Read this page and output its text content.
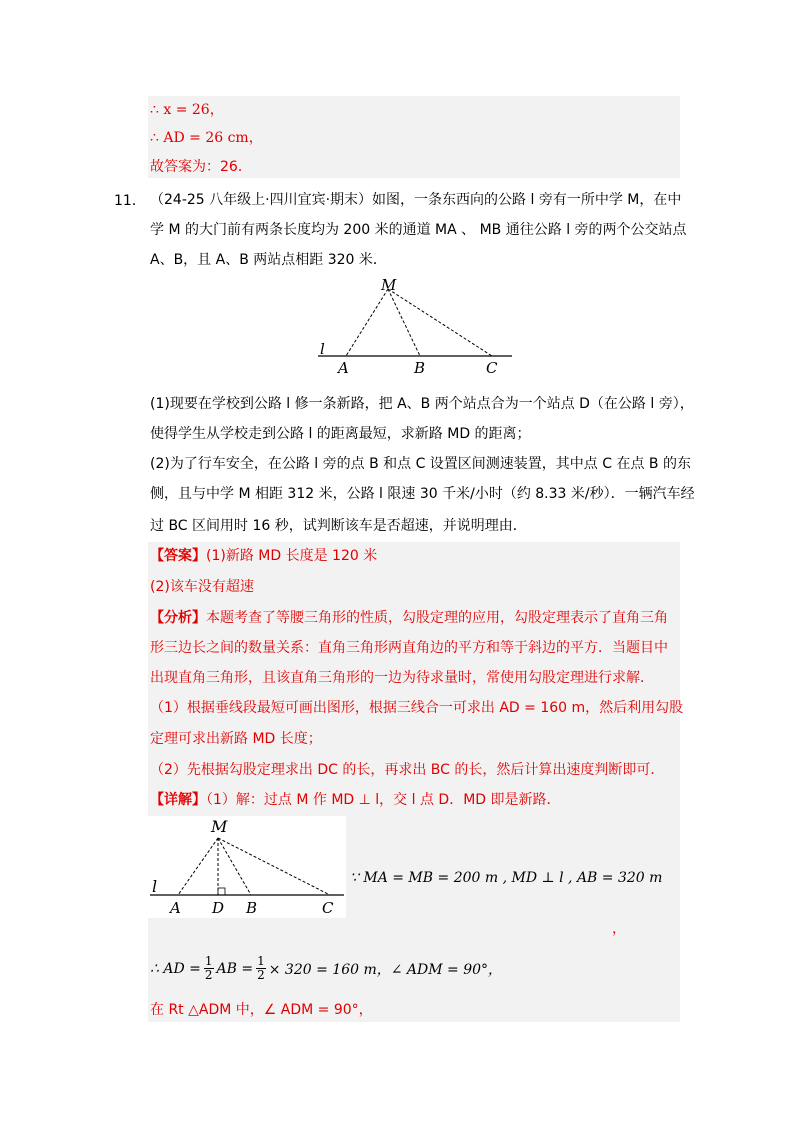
∴ x = 26，
∴ AD = 26 cm，
故答案为：26．
11． （24-25 八年级上·四川宜宾·期末）如图，一条东西向的公路 l 旁有一所中学 M，在中
学 M 的大门前有两条长度均为 200 米的通道 MA 、 MB 通往公路 l 旁的两个公交站点
A、B，且 A、B 两站点相距 320 米．
M
l
A	B	C
(1)现要在学校到公路 l 修一条新路，把 A、B 两个站点合为一个站点 D（在公路 l 旁），
使得学生从学校走到公路 l 的距离最短，求新路 MD 的距离；
(2)为了行车安全，在公路 l 旁的点 B 和点 C 设置区间测速装置，其中点 C 在点 B 的东
侧，且与中学 M 相距 312 米，公路 l 限速 30 千米/小时（约 8.33 米/秒）．一辆汽车经
过 BC 区间用时 16 秒，试判断该车是否超速，并说明理由．
【答案】(1)新路 MD 长度是 120 米
(2)该车没有超速
【分析】本题考查了等腰三角形的性质，勾股定理的应用，勾股定理表示了直角三角
形三边长之间的数量关系：直角三角形两直角边的平方和等于斜边的平方．当题目中
出现直角三角形，且该直角三角形的一边为待求量时，常使用勾股定理进行求解．
（1）根据垂线段最短可画出图形，根据三线合一可求出 AD = 160 m，然后利用勾股
定理可求出新路 MD 长度；
（2）先根据勾股定理求出 DC 的长，再求出 BC 的长，然后计算出速度判断即可．
【详解】（1）解：过点 M 作 MD ⊥ l，交 l 点 D．MD 即是新路．
M
l
A D B	C
∵ MA = MB = 200 m , MD ⊥ l , AB = 320 m
，
∴ AD = $\frac{1}{2}$ AB = $\frac{1}{2} \times 320 = 160$ m，∠ ADM = 90°，
在 Rt △ADM 中，∠ ADM = 90°，
